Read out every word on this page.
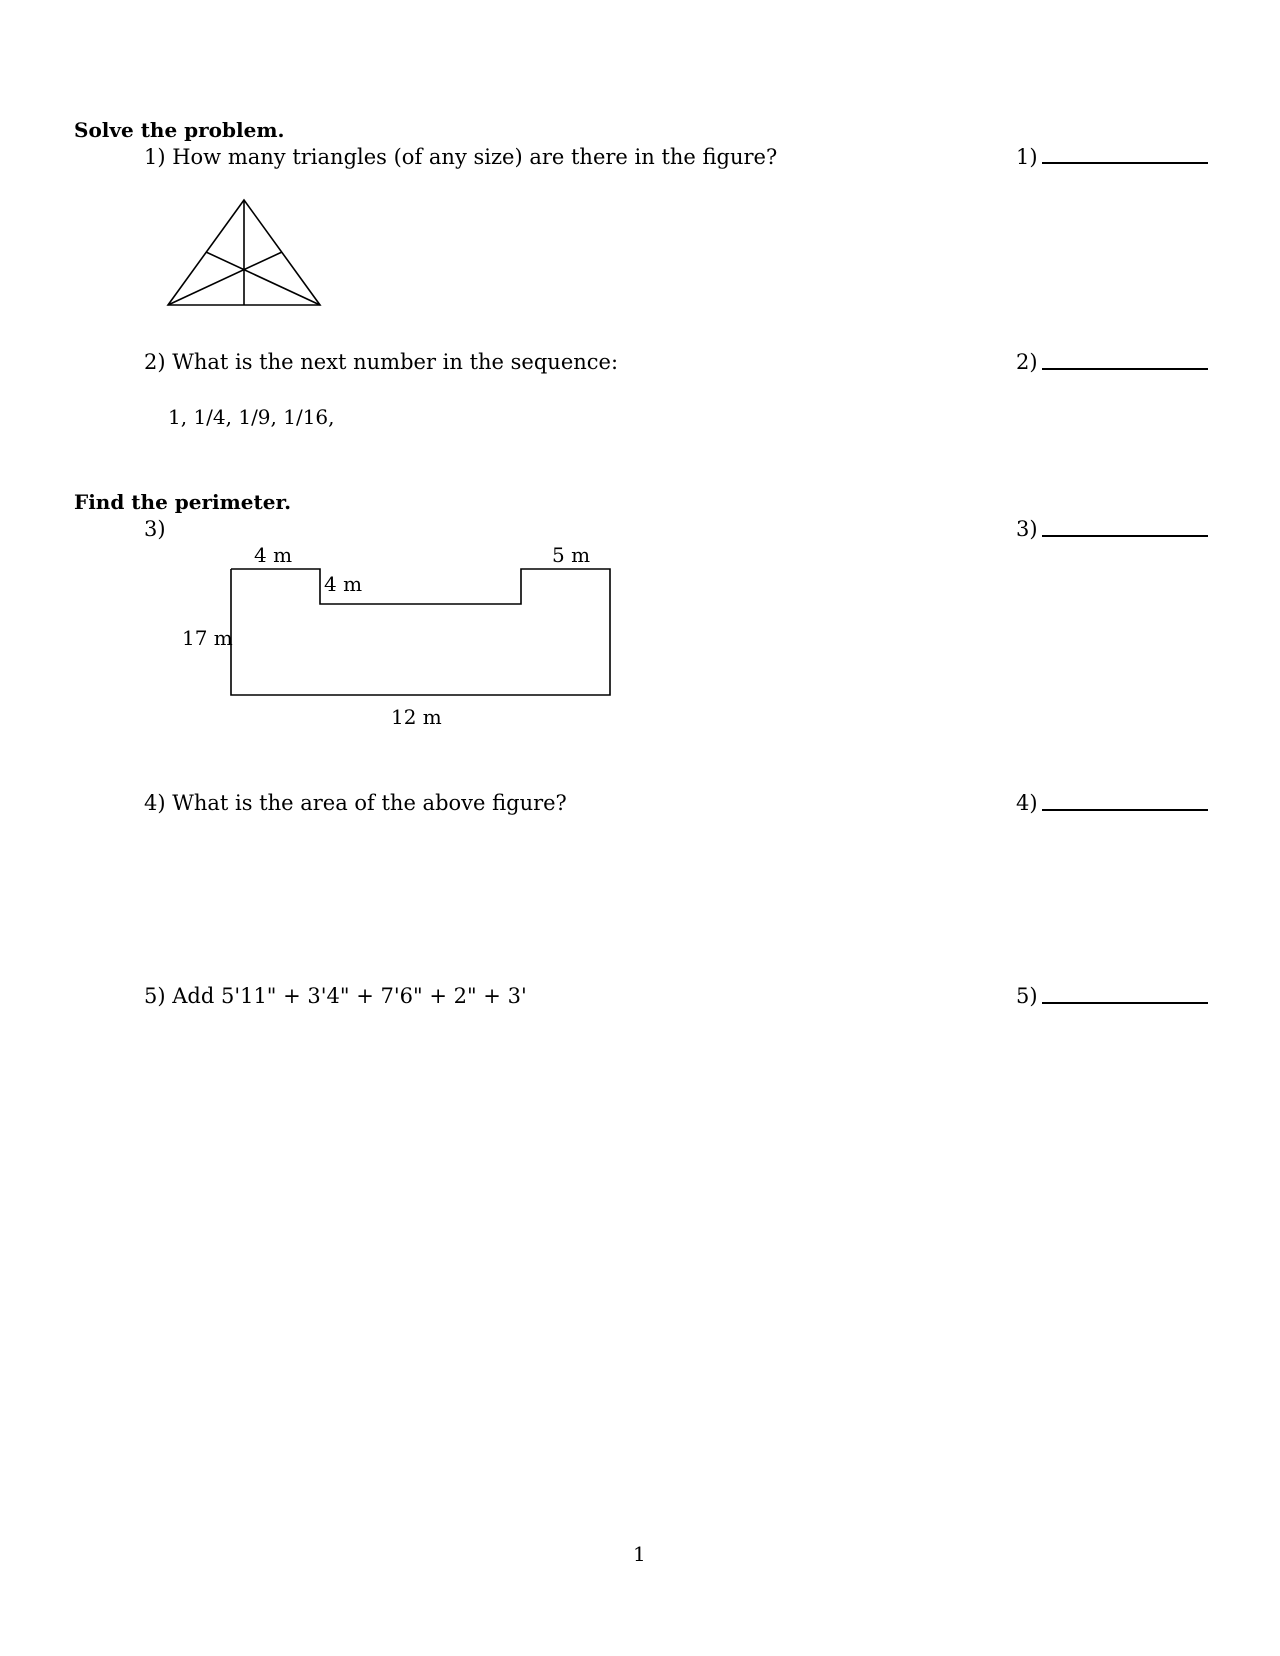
Solve the problem.
1) How many triangles (of any size) are there in the figure?	1)
2) What is the next number in the sequence:	2)
1, 1/4, 1/9, 1/16,
Find the perimeter.
3)	3)
4 m
4 m
5 m
17 m
12 m
4) What is the area of the above figure?	4)
5) Add 5'11" + 3'4" + 7'6" + 2" + 3'	5)
1
